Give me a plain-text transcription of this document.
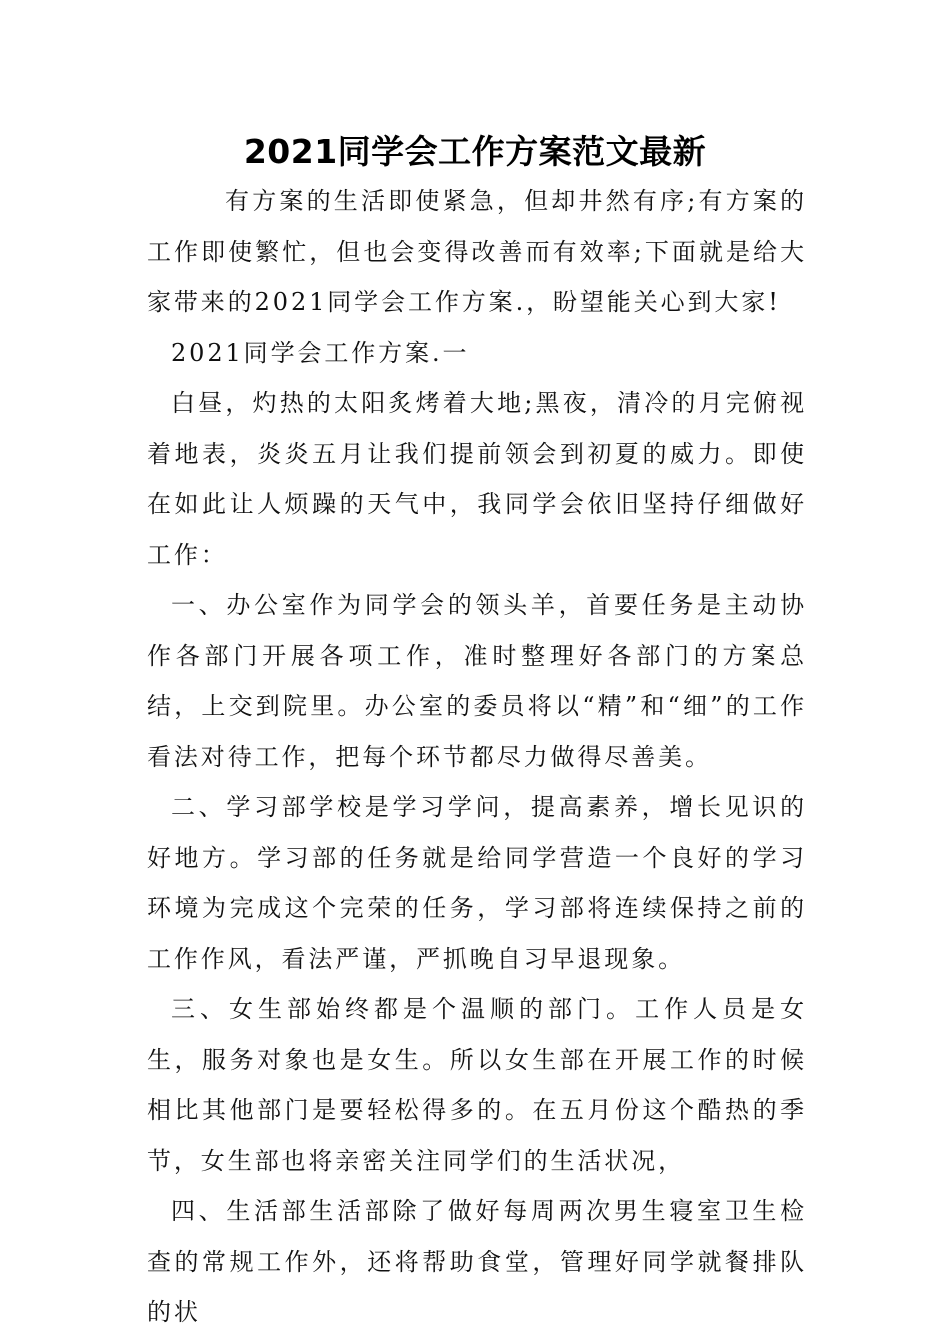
2021同学会工作方案范文最新

有方案的生活即使紧急，但却井然有序;有方案的工作即使繁忙，但也会变得改善而有效率;下面就是给大家带来的2021同学会工作方案.，盼望能关心到大家!

2021同学会工作方案.一

白昼，灼热的太阳炙烤着大地;黑夜，清冷的月完俯视着地表，炎炎五月让我们提前领会到初夏的威力。即使在如此让人烦躁的天气中，我同学会依旧坚持仔细做好工作：

一、办公室作为同学会的领头羊，首要任务是主动协作各部门开展各项工作，准时整理好各部门的方案总结，上交到院里。办公室的委员将以“精”和“细”的工作看法对待工作，把每个环节都尽力做得尽善美。

二、学习部学校是学习学问，提高素养，增长见识的好地方。学习部的任务就是给同学营造一个良好的学习环境为完成这个完荣的任务，学习部将连续保持之前的工作作风，看法严谨，严抓晚自习早退现象。

三、女生部始终都是个温顺的部门。工作人员是女生，服务对象也是女生。所以女生部在开展工作的时候相比其他部门是要轻松得多的。在五月份这个酷热的季节，女生部也将亲密关注同学们的生活状况，

四、生活部生活部除了做好每周两次男生寝室卫生检查的常规工作外，还将帮助食堂，管理好同学就餐排队的状
